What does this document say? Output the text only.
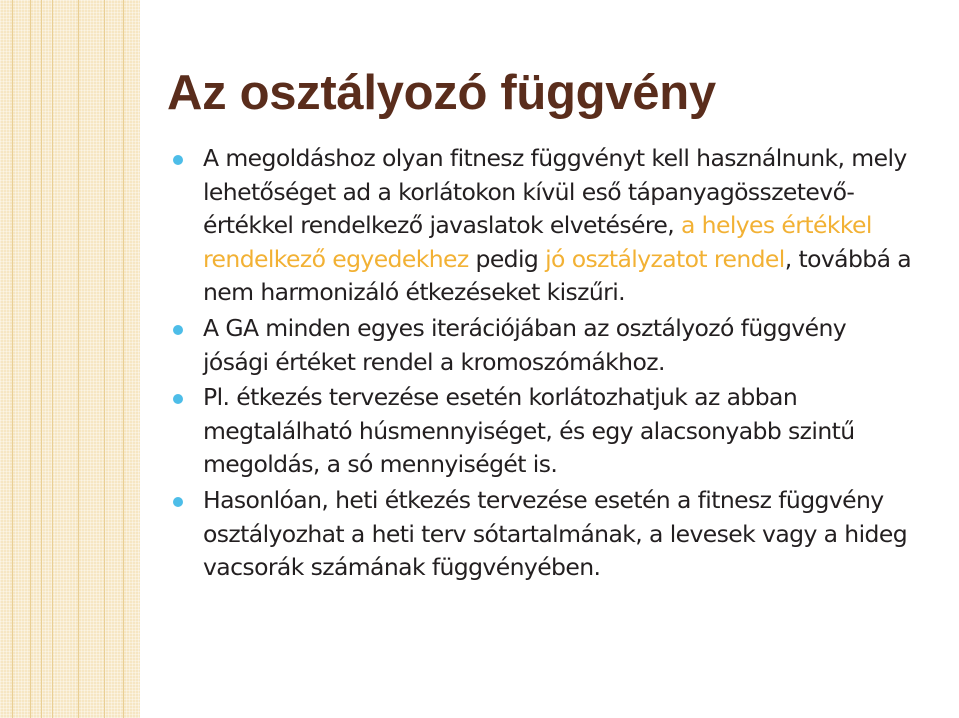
Az osztályozó függvény
A megoldáshoz olyan fitnesz függvényt kell használnunk, mely lehetőséget ad a korlátokon kívül eső tápanyagösszetevő-értékkel rendelkező javaslatok elvetésére, a helyes értékkel rendelkező egyedekhez pedig jó osztályzatot rendel, továbbá a nem harmonizáló étkezéseket kiszűri.
A GA minden egyes iterációjában az osztályozó függvény jósági értéket rendel a kromoszómákhoz.
Pl. étkezés tervezése esetén korlátozhatjuk az abban megtalálható húsmennyiséget, és egy alacsonyabb szintű megoldás, a só mennyiségét is.
Hasonlóan, heti étkezés tervezése esetén a fitnesz függvény osztályozhat a heti terv sótartalmának, a levesek vagy a hideg vacsorák számának függvényében.
